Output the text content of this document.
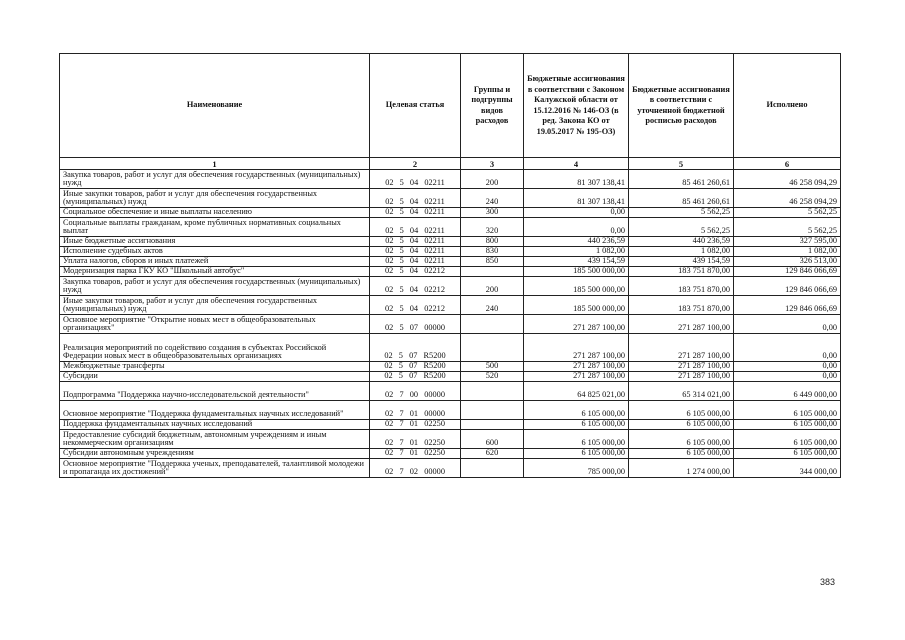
Наименование	Целевая статья	Группы и подгруппы видов расходов	Бюджетные ассигнования в соответствии с Законом Калужской области от 15.12.2016 № 146-ОЗ (в ред. Закона КО от 19.05.2017 № 195-ОЗ)	Бюджетные ассигнования в соответствии с уточненной бюджетной росписью расходов	Исполнено
1	2	3	4	5	6
Закупка товаров, работ и услуг для обеспечения государственных (муниципальных) нужд	02  5  04  02211	200	81 307 138,41	85 461 260,61	46 258 094,29
Иные закупки товаров, работ и услуг для обеспечения государственных (муниципальных) нужд	02  5  04  02211	240	81 307 138,41	85 461 260,61	46 258 094,29
Социальное обеспечение и иные выплаты населению	02  5  04  02211	300	0,00	5 562,25	5 562,25
Социальные выплаты гражданам, кроме публичных нормативных социальных выплат	02  5  04  02211	320	0,00	5 562,25	5 562,25
Иные бюджетные ассигнования	02  5  04  02211	800	440 236,59	440 236,59	327 595,00
Исполнение судебных актов	02  5  04  02211	830	1 082,00	1 082,00	1 082,00
Уплата налогов, сборов и иных платежей	02  5  04  02211	850	439 154,59	439 154,59	326 513,00
Модернизация парка ГКУ КО "Школьный автобус"	02  5  04  02212		185 500 000,00	183 751 870,00	129 846 066,69
Закупка товаров, работ и услуг для обеспечения государственных (муниципальных) нужд	02  5  04  02212	200	185 500 000,00	183 751 870,00	129 846 066,69
Иные закупки товаров, работ и услуг для обеспечения государственных (муниципальных) нужд	02  5  04  02212	240	185 500 000,00	183 751 870,00	129 846 066,69
Основное мероприятие "Открытие новых мест в общеобразовательных организациях"	02  5  07  00000		271 287 100,00	271 287 100,00	0,00
Реализация мероприятий по содействию создания в субъектах Российской Федерации новых мест в общеобразовательных организациях	02  5  07  R5200		271 287 100,00	271 287 100,00	0,00
Межбюджетные трансферты	02  5  07  R5200	500	271 287 100,00	271 287 100,00	0,00
Субсидии	02  5  07  R5200	520	271 287 100,00	271 287 100,00	0,00
Подпрограмма "Поддержка научно-исследовательской деятельности"	02  7  00  00000		64 825 021,00	65 314 021,00	6 449 000,00
Основное мероприятие "Поддержка фундаментальных научных исследований"	02  7  01  00000		6 105 000,00	6 105 000,00	6 105 000,00
Поддержка фундаментальных научных исследований	02  7  01  02250		6 105 000,00	6 105 000,00	6 105 000,00
Предоставление субсидий бюджетным, автономным учреждениям и иным некоммерческим организациям	02  7  01  02250	600	6 105 000,00	6 105 000,00	6 105 000,00
Субсидии автономным учреждениям	02  7  01  02250	620	6 105 000,00	6 105 000,00	6 105 000,00
Основное мероприятие "Поддержка ученых, преподавателей, талантливой молодежи и пропаганда их достижений"	02  7  02  00000		785 000,00	1 274 000,00	344 000,00
383
